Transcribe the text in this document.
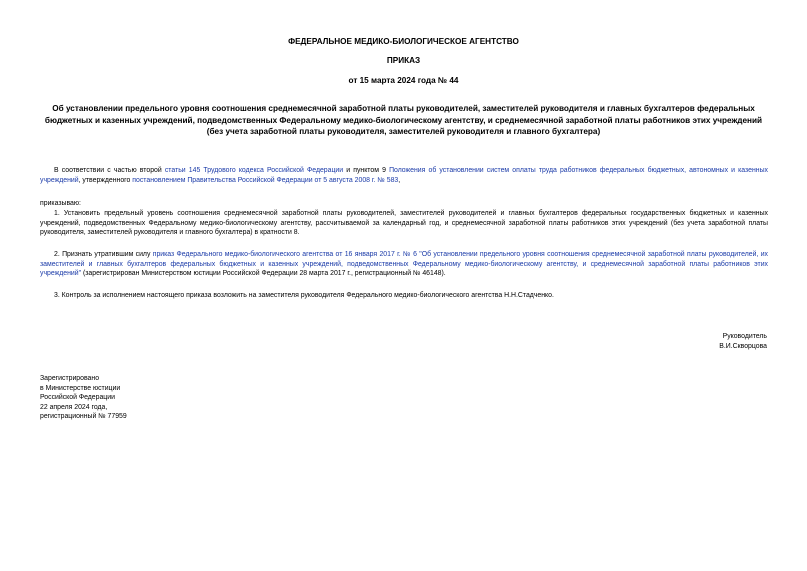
ФЕДЕРАЛЬНОЕ МЕДИКО-БИОЛОГИЧЕСКОЕ АГЕНТСТВО
ПРИКАЗ
от 15 марта 2024 года № 44
Об установлении предельного уровня соотношения среднемесячной заработной платы руководителей, заместителей руководителя и главных бухгалтеров федеральных бюджетных и казенных учреждений, подведомственных Федеральному медико-биологическому агентству, и среднемесячной заработной платы работников этих учреждений (без учета заработной платы руководителя, заместителей руководителя и главного бухгалтера)
В соответствии с частью второй статьи 145 Трудового кодекса Российской Федерации и пунктом 9 Положения об установлении систем оплаты труда работников федеральных бюджетных, автономных и казенных учреждений, утвержденного постановлением Правительства Российской Федерации от 5 августа 2008 г. № 583,
приказываю:
1. Установить предельный уровень соотношения среднемесячной заработной платы руководителей, заместителей руководителей и главных бухгалтеров федеральных государственных бюджетных и казенных учреждений, подведомственных Федеральному медико-биологическому агентству, рассчитываемой за календарный год, и среднемесячной заработной платы работников этих учреждений (без учета заработной платы руководителя, заместителей руководителя и главного бухгалтера) в кратности 8.
2. Признать утратившим силу приказ Федерального медико-биологического агентства от 16 января 2017 г. № 6 "Об установлении предельного уровня соотношения среднемесячной заработной платы руководителей, их заместителей и главных бухгалтеров федеральных бюджетных и казенных учреждений, подведомственных Федеральному медико-биологическому агентству, и среднемесячной заработной платы работников этих учреждений" (зарегистрирован Министерством юстиции Российской Федерации 28 марта 2017 г., регистрационный № 46148).
3. Контроль за исполнением настоящего приказа возложить на заместителя руководителя Федерального медико-биологического агентства Н.Н.Стадченко.
Руководитель
В.И.Скворцова
Зарегистрировано
в Министерстве юстиции
Российской Федерации
22 апреля 2024 года,
регистрационный № 77959
